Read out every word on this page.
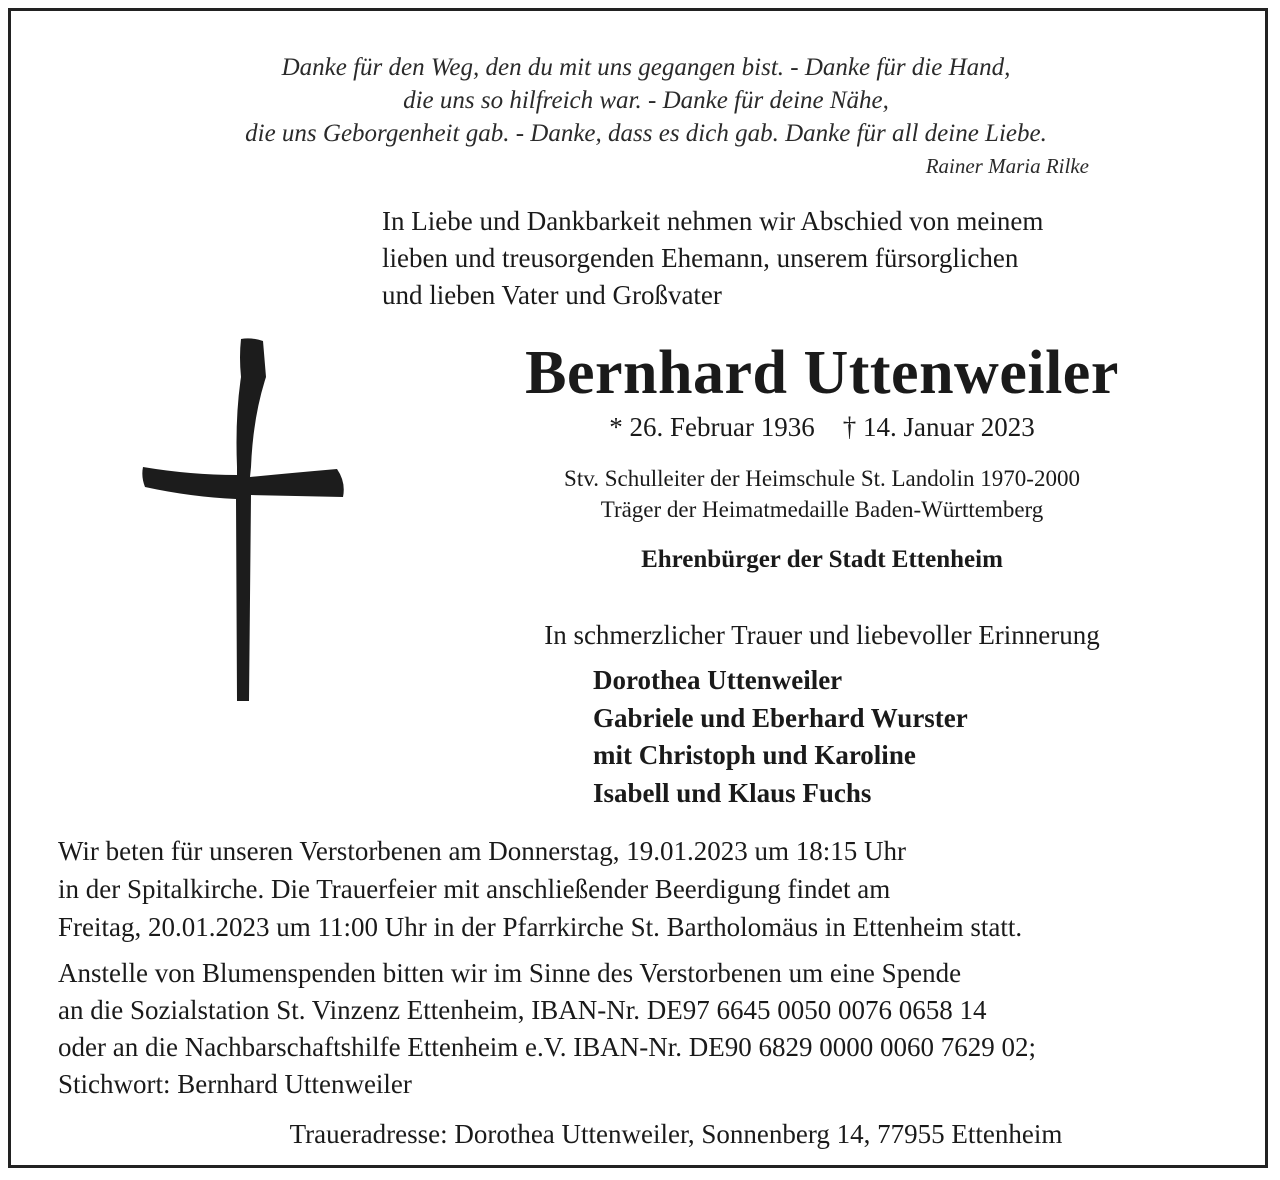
Danke für den Weg, den du mit uns gegangen bist. - Danke für die Hand,
die uns so hilfreich war. - Danke für deine Nähe,
die uns Geborgenheit gab. - Danke, dass es dich gab. Danke für all deine Liebe.
Rainer Maria Rilke
In Liebe und Dankbarkeit nehmen wir Abschied von meinem
lieben und treusorgenden Ehemann, unserem fürsorglichen
und lieben Vater und Großvater
Bernhard Uttenweiler
* 26. Februar 1936 † 14. Januar 2023
Stv. Schulleiter der Heimschule St. Landolin 1970-2000
Träger der Heimatmedaille Baden-Württemberg
Ehrenbürger der Stadt Ettenheim
In schmerzlicher Trauer und liebevoller Erinnerung
Dorothea Uttenweiler
Gabriele und Eberhard Wurster
mit Christoph und Karoline
Isabell und Klaus Fuchs
Wir beten für unseren Verstorbenen am Donnerstag, 19.01.2023 um 18:15 Uhr
in der Spitalkirche. Die Trauerfeier mit anschließender Beerdigung findet am
Freitag, 20.01.2023 um 11:00 Uhr in der Pfarrkirche St. Bartholomäus in Ettenheim statt.
Anstelle von Blumenspenden bitten wir im Sinne des Verstorbenen um eine Spende
an die Sozialstation St. Vinzenz Ettenheim, IBAN-Nr. DE97 6645 0050 0076 0658 14
oder an die Nachbarschaftshilfe Ettenheim e.V. IBAN-Nr. DE90 6829 0000 0060 7629 02;
Stichwort: Bernhard Uttenweiler
Traueradresse: Dorothea Uttenweiler, Sonnenberg 14, 77955 Ettenheim
